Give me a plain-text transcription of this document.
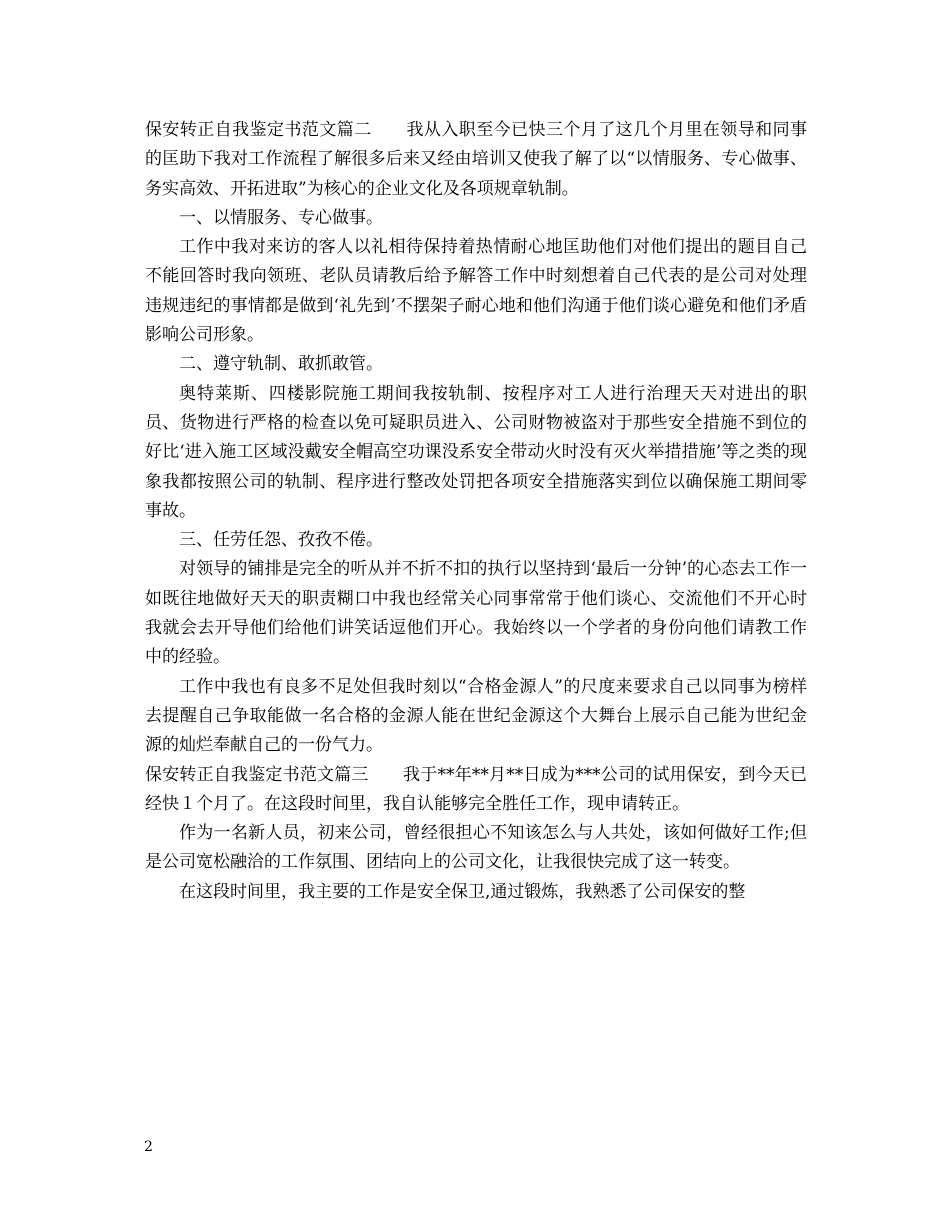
保安转正自我鉴定书范文篇二　　我从入职至今已快三个月了这几个月里在领导和同事的匡助下我对工作流程了解很多后来又经由培训又使我了解了以“以情服务、专心做事、务实高效、开拓进取”为核心的企业文化及各项规章轨制。

一、以情服务、专心做事。

工作中我对来访的客人以礼相待保持着热情耐心地匡助他们对他们提出的题目自己不能回答时我向领班、老队员请教后给予解答工作中时刻想着自己代表的是公司对处理违规违纪的事情都是做到‘礼先到’不摆架子耐心地和他们沟通于他们谈心避免和他们矛盾影响公司形象。

二、遵守轨制、敢抓敢管。

奥特莱斯、四楼影院施工期间我按轨制、按程序对工人进行治理天天对进出的职员、货物进行严格的检查以免可疑职员进入、公司财物被盗对于那些安全措施不到位的好比‘进入施工区域没戴安全帽高空功课没系安全带动火时没有灭火举措措施’等之类的现象我都按照公司的轨制、程序进行整改处罚把各项安全措施落实到位以确保施工期间零事故。

三、任劳任怨、孜孜不倦。

对领导的铺排是完全的听从并不折不扣的执行以坚持到‘最后一分钟’的心态去工作一如既往地做好天天的职责糊口中我也经常关心同事常常于他们谈心、交流他们不开心时我就会去开导他们给他们讲笑话逗他们开心。我始终以一个学者的身份向他们请教工作中的经验。

工作中我也有良多不足处但我时刻以“合格金源人”的尺度来要求自己以同事为榜样去提醒自己争取能做一名合格的金源人能在世纪金源这个大舞台上展示自己能为世纪金源的灿烂奉献自己的一份气力。

保安转正自我鉴定书范文篇三　　我于**年**月**日成为***公司的试用保安，到今天已经快１个月了。在这段时间里，我自认能够完全胜任工作，现申请转正。

作为一名新人员，初来公司，曾经很担心不知该怎么与人共处，该如何做好工作;但是公司宽松融洽的工作氛围、团结向上的公司文化，让我很快完成了这一转变。

在这段时间里，我主要的工作是安全保卫,通过锻炼，我熟悉了公司保安的整

2
